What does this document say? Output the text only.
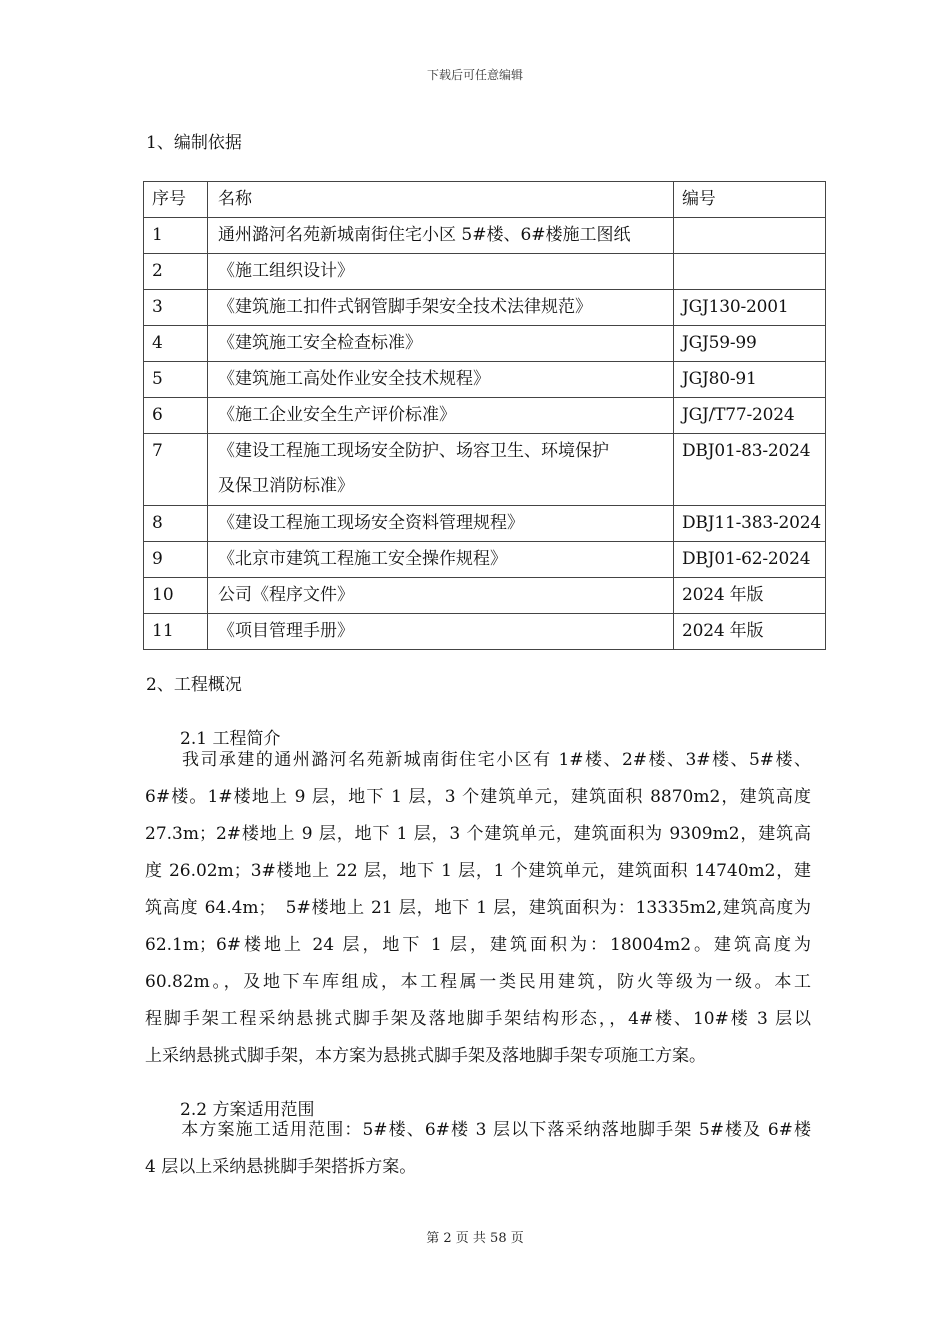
下载后可任意编辑
1、编制依据
序号	名称	编号
1	通州潞河名苑新城南街住宅小区 5#楼、6#楼施工图纸	
2	《施工组织设计》	
3	《建筑施工扣件式钢管脚手架安全技术法律规范》	JGJ130-2001
4	《建筑施工安全检查标准》	JGJ59-99
5	《建筑施工高处作业安全技术规程》	JGJ80-91
6	《施工企业安全生产评价标准》	JGJ/T77-2024
7	《建设工程施工现场安全防护、场容卫生、环境保护
及保卫消防标准》	DBJ01-83-2024
8	《建设工程施工现场安全资料管理规程》	DBJ11-383-2024
9	《北京市建筑工程施工安全操作规程》	DBJ01-62-2024
10	公司《程序文件》	2024 年版
11	《项目管理手册》	2024 年版
2、工程概况
2.1 工程简介
　　我司承建的通州潞河名苑新城南街住宅小区有 1#楼、2#楼、3#楼、5#楼、
6#楼。1#楼地上 9 层，地下 1 层，3 个建筑单元，建筑面积 8870m2，建筑高度
27.3m；2#楼地上 9 层，地下 1 层，3 个建筑单元，建筑面积为 9309m2，建筑高
度 26.02m；3#楼地上 22 层，地下 1 层，1 个建筑单元，建筑面积 14740m2，建
筑高度 64.4m；　5#楼地上 21 层，地下 1 层，建筑面积为：13335m2,建筑高度为
62.1m；6#楼地上 24 层，地下 1 层，建筑面积为：18004m2。建筑高度为
60.82m。，及地下车库组成，本工程属一类民用建筑，防火等级为一级。本工
程脚手架工程采纳悬挑式脚手架及落地脚手架结构形态，，4#楼、10#楼 3 层以
上采纳悬挑式脚手架，本方案为悬挑式脚手架及落地脚手架专项施工方案。
2.2 方案适用范围
　　本方案施工适用范围：5#楼、6#楼 3 层以下落采纳落地脚手架 5#楼及 6#楼
4 层以上采纳悬挑脚手架搭拆方案。
第 2 页 共 58 页
